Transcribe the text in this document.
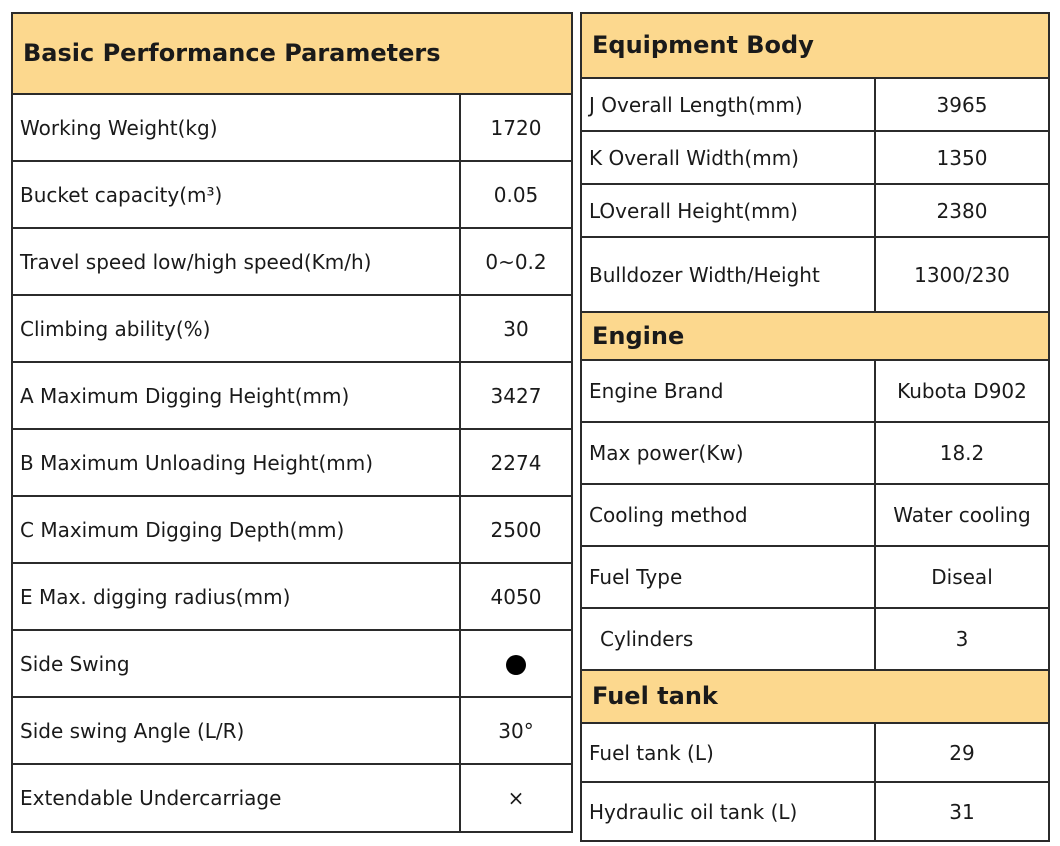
Basic Performance Parameters	
Working Weight(kg)	1720
Bucket capacity(m³)	0.05
Travel speed low/high speed(Km/h)	0~0.2
Climbing ability(%)	30
A Maximum Digging Height(mm)	3427
B Maximum Unloading Height(mm)	2274
C Maximum Digging Depth(mm)	2500
E Max. digging radius(mm)	4050
Side Swing	
Side swing Angle (L/R)	30°
Extendable Undercarriage	×
Equipment Body	
J Overall Length(mm)	3965
K Overall Width(mm)	1350
LOverall Height(mm)	2380
Bulldozer Width/Height	1300/230
Engine	
Engine Brand	Kubota D902
Max power(Kw)	18.2
Cooling method	Water cooling
Fuel Type	Diseal
Cylinders	3
Fuel tank	
Fuel tank (L)	29
Hydraulic oil tank (L)	31
